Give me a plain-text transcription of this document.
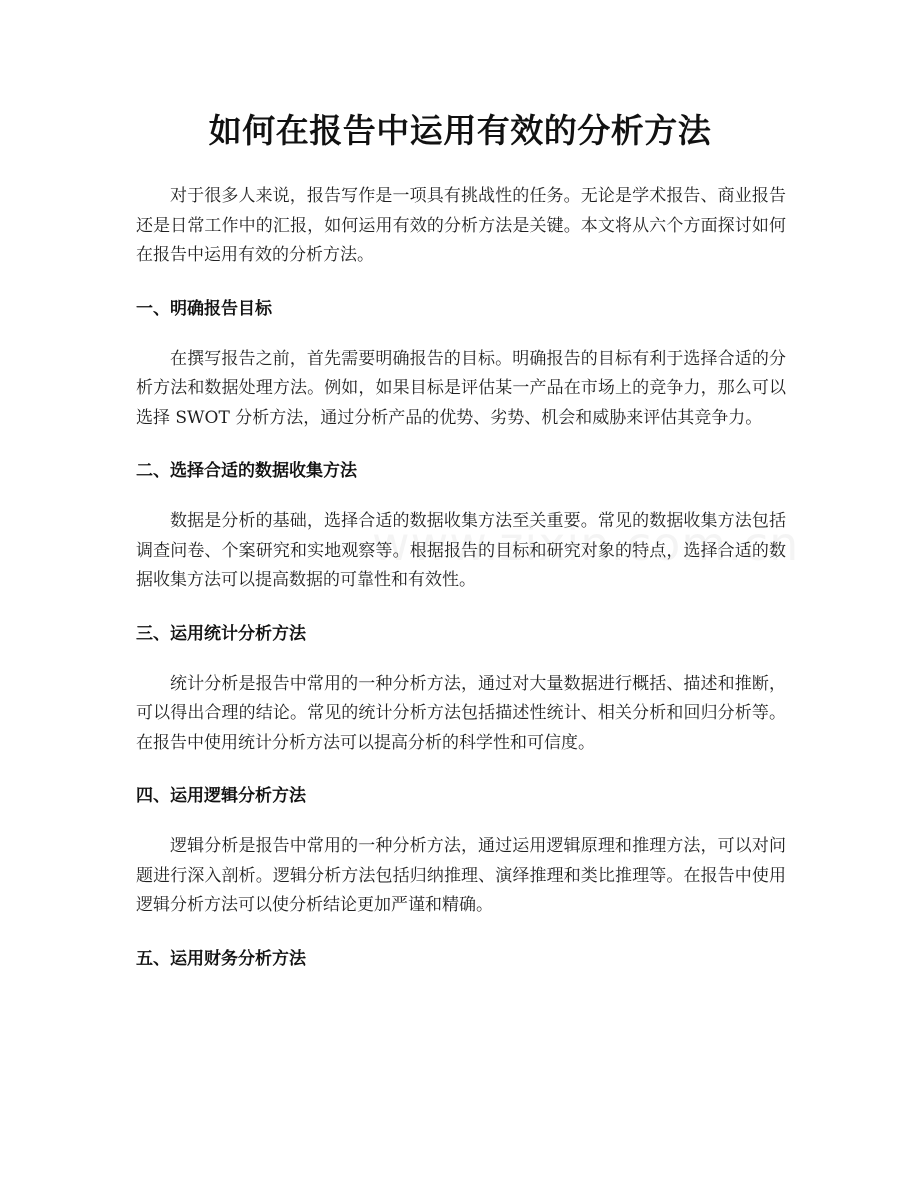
如何在报告中运用有效的分析方法

对于很多人来说，报告写作是一项具有挑战性的任务。无论是学术报告、商业报告还是日常工作中的汇报，如何运用有效的分析方法是关键。本文将从六个方面探讨如何在报告中运用有效的分析方法。

一、明确报告目标

在撰写报告之前，首先需要明确报告的目标。明确报告的目标有利于选择合适的分析方法和数据处理方法。例如，如果目标是评估某一产品在市场上的竞争力，那么可以选择 SWOT 分析方法，通过分析产品的优势、劣势、机会和威胁来评估其竞争力。

二、选择合适的数据收集方法

数据是分析的基础，选择合适的数据收集方法至关重要。常见的数据收集方法包括调查问卷、个案研究和实地观察等。根据报告的目标和研究对象的特点，选择合适的数据收集方法可以提高数据的可靠性和有效性。

三、运用统计分析方法

统计分析是报告中常用的一种分析方法，通过对大量数据进行概括、描述和推断，可以得出合理的结论。常见的统计分析方法包括描述性统计、相关分析和回归分析等。在报告中使用统计分析方法可以提高分析的科学性和可信度。

四、运用逻辑分析方法

逻辑分析是报告中常用的一种分析方法，通过运用逻辑原理和推理方法，可以对问题进行深入剖析。逻辑分析方法包括归纳推理、演绎推理和类比推理等。在报告中使用逻辑分析方法可以使分析结论更加严谨和精确。

五、运用财务分析方法
